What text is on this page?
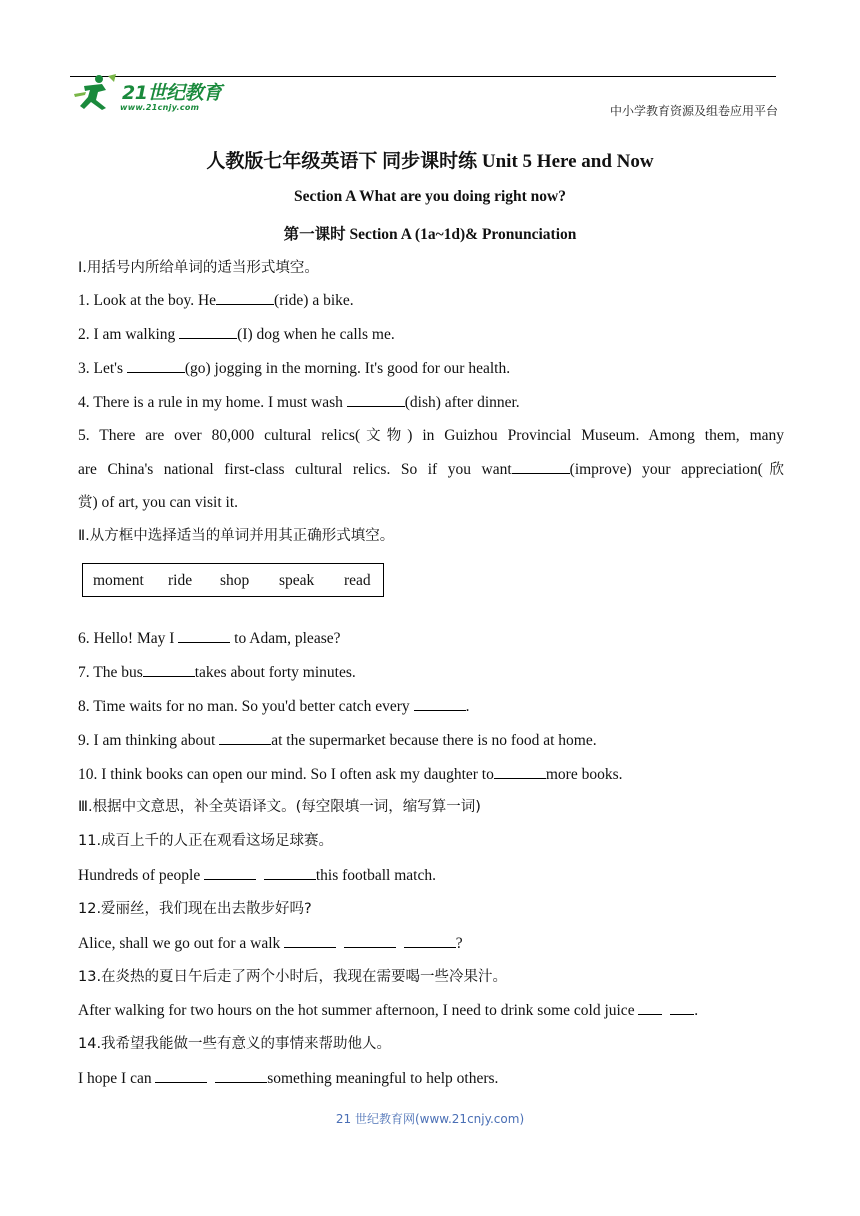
21世纪教育
www.21cnjy.com	中小学教育资源及组卷应用平台
人教版七年级英语下 同步课时练 Unit 5 Here and Now
Section A What are you doing right now?
第一课时 Section A (1a~1d)& Pronunciation
Ⅰ.用括号内所给单词的适当形式填空。
1. Look at the boy. He	(ride) a bike.
2. I am walking	(I) dog when he calls me.
3. Let's	(go) jogging in the morning. It's good for our health.
4. There is a rule in my home. I must wash	(dish) after dinner.
5. There are over 80,000 cultural relics(文物) in Guizhou Provincial Museum. Among them, many
are China's national first-class cultural relics. So if you want	(improve) your appreciation(欣
赏) of art, you can visit it.
Ⅱ.从方框中选择适当的单词并用其正确形式填空。
moment ride shop speak read
6. Hello! May I	to Adam, please?
7. The bus	takes about forty minutes.
8. Time waits for no man. So you'd better catch every	.
9. I am thinking about	at the supermarket because there is no food at home.
10. I think books can open our mind. So I often ask my daughter to	more books.
Ⅲ.根据中文意思，补全英语译文。(每空限填一词，缩写算一词)
11.成百上千的人正在观看这场足球赛。
Hundreds of people	this football match.
12.爱丽丝，我们现在出去散步好吗?
Alice, shall we go out for a walk	?
13.在炎热的夏日午后走了两个小时后，我现在需要喝一些冷果汁。
After walking for two hours on the hot summer afternoon, I need to drink some cold juice	.
14.我希望我能做一些有意义的事情来帮助他人。
I hope I can	something meaningful to help others.
21 世纪教育网(www.21cnjy.com)
